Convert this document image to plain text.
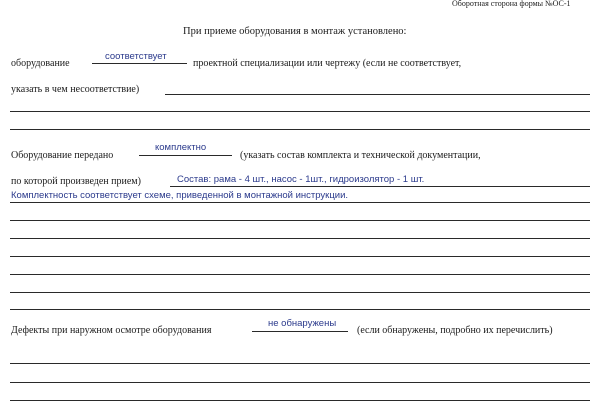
Оборотная сторона формы №ОС-1
При приеме оборудования в монтаж установлено:
оборудование
соответствует
проектной специализации или чертежу (если не соответствует,
указать в чем несоответствие)
Оборудование передано
комплектно
(указать состав комплекта и технической документации,
по которой произведен прием)	Состав: рама - 4 шт., насос - 1шт., гидроизолятор - 1 шт.
Комплектность соответствует схеме, приведенной в монтажной инструкции.
Дефекты при наружном осмотре оборудования
не обнаружены
(если обнаружены, подробно их перечислить)
